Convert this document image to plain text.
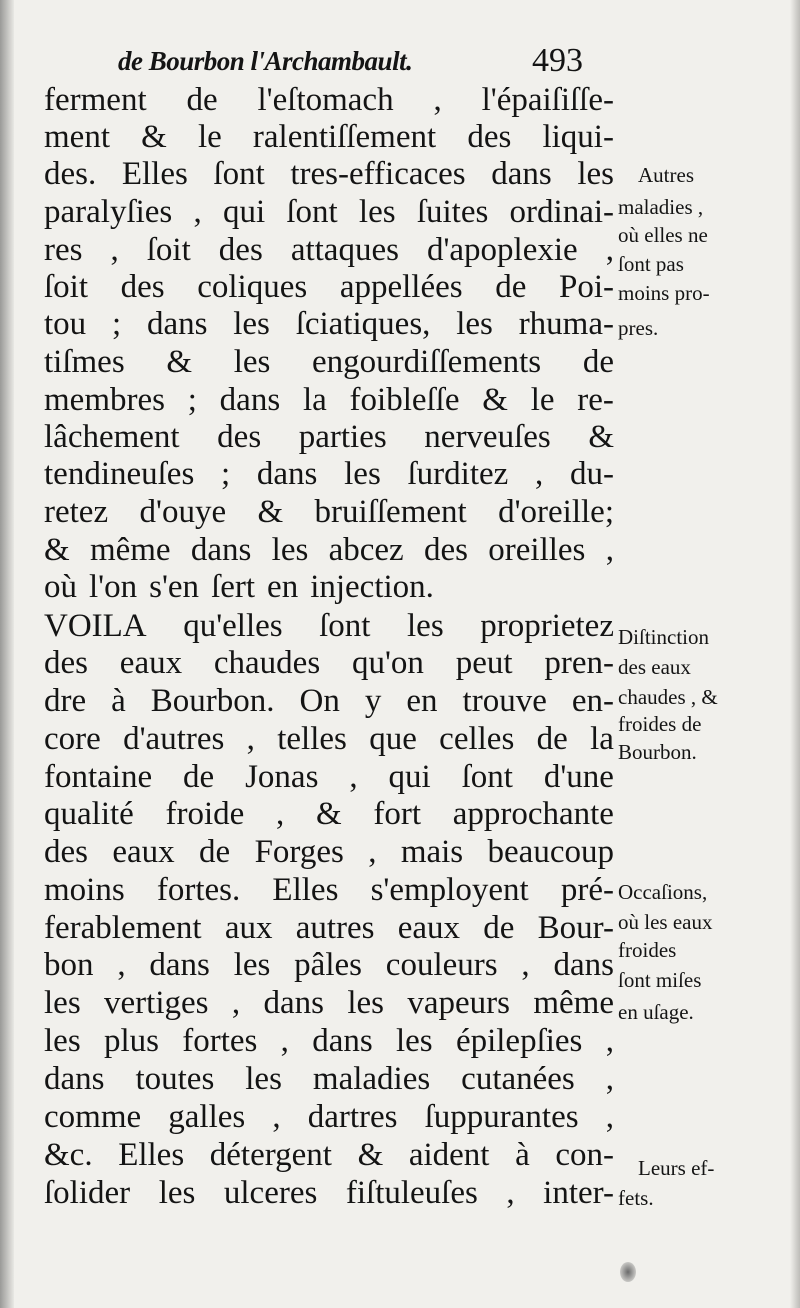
de Bourbon l'Archambault.	493
ferment de l'eſtomach , l'épaiſiſſe-
ment & le ralentiſſement des liqui-
des. Elles ſont tres-efficaces dans les
paralyſies , qui ſont les ſuites ordinai-
res , ſoit des attaques d'apoplexie ,
ſoit des coliques appellées de Poi-
tou ; dans les ſciatiques, les rhuma-
tiſmes & les engourdiſſements de
membres ; dans la foibleſſe & le re-
lâchement des parties nerveuſes &
tendineuſes ; dans les ſurditez , du-
retez d'ouye & bruiſſement d'oreille;
& même dans les abcez des oreilles ,
où l'on s'en ſert en injection.
VOILA qu'elles ſont les proprietez
des eaux chaudes qu'on peut pren-
dre à Bourbon. On y en trouve en-
core d'autres , telles que celles de la
fontaine de Jonas , qui ſont d'une
qualité froide , & fort approchante
des eaux de Forges , mais beaucoup
moins fortes. Elles s'employent pré-
ferablement aux autres eaux de Bour-
bon , dans les pâles couleurs , dans
les vertiges , dans les vapeurs même
les plus fortes , dans les épilepſies ,
dans toutes les maladies cutanées ,
comme galles , dartres ſuppurantes ,
&c. Elles détergent & aident à con-
ſolider les ulceres fiſtuleuſes , inter-
Autres
maladies ,
où elles ne
ſont pas
moins pro-
pres.
Diſtinction
des eaux
chaudes , &
froides de
Bourbon.
Occaſions,
où les eaux
froides
ſont miſes
en uſage.
Leurs ef-
fets.
